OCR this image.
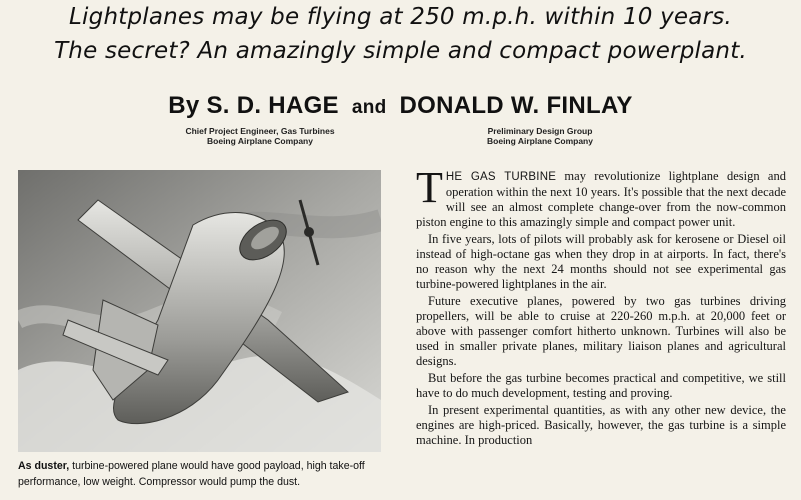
Lightplanes may be flying at 250 m.p.h. within 10 years.
The secret? An amazingly simple and compact powerplant.
By S. D. HAGE and DONALD W. FINLAY
Chief Project Engineer, Gas Turbines
Boeing Airplane Company
Preliminary Design Group
Boeing Airplane Company
As duster, turbine-powered plane would have good payload, high take-off performance, low weight. Compressor would pump the dust.

THE GAS TURBINE may revolutionize lightplane design and operation within the next 10 years. It's possible that the next decade will see an almost complete change-over from the now-common piston engine to this amazingly simple and compact power unit.

In five years, lots of pilots will probably ask for kerosene or Diesel oil instead of high-octane gas when they drop in at airports. In fact, there's no reason why the next 24 months should not see experimental gas turbine-powered lightplanes in the air.

Future executive planes, powered by two gas turbines driving propellers, will be able to cruise at 220-260 m.p.h. at 20,000 feet or above with passenger comfort hitherto unknown. Turbines will also be used in smaller private planes, military liaison planes and agricultural designs.

But before the gas turbine becomes practical and competitive, we still have to do much development, testing and proving.

In present experimental quantities, as with any other new device, the engines are high-priced. Basically, however, the gas turbine is a simple machine. In production
